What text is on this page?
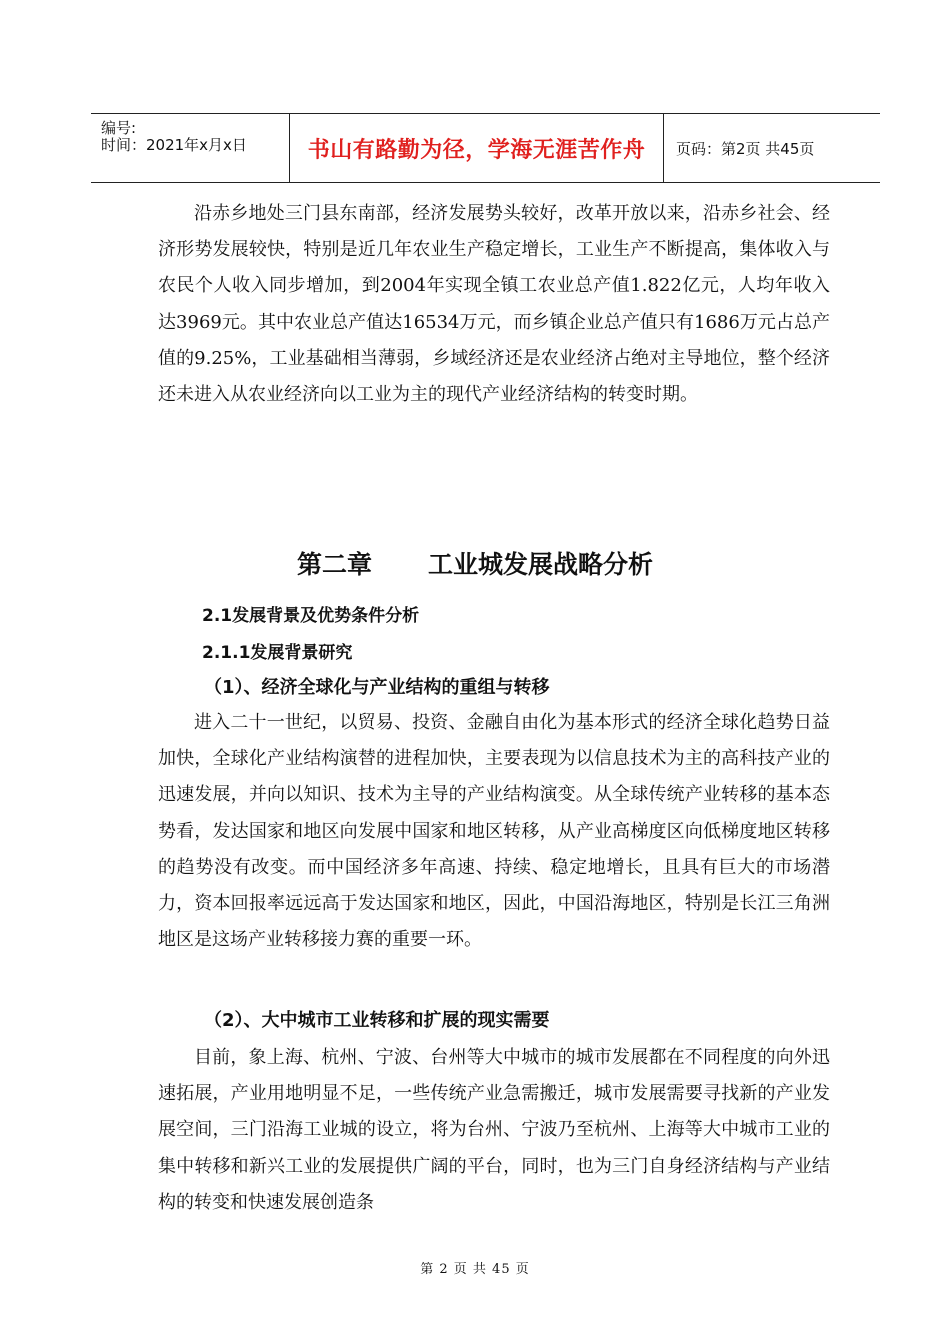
编号:
时间：2021年x月x日	书山有路勤为径，学海无涯苦作舟 页码：第2页 共45页

沿赤乡地处三门县东南部，经济发展势头较好，改革开放以来，沿赤乡社会、经济形势发展较快，特别是近几年农业生产稳定增长，工业生产不断提高，集体收入与农民个人收入同步增加，到2004年实现全镇工农业总产值1.822亿元，人均年收入达3969元。其中农业总产值达16534万元，而乡镇企业总产值只有1686万元占总产值的9.25%，工业基础相当薄弱，乡域经济还是农业经济占绝对主导地位，整个经济还未进入从农业经济向以工业为主的现代产业经济结构的转变时期。

第二章 工业城发展战略分析
2.1发展背景及优势条件分析
2.1.1发展背景研究
（1）、经济全球化与产业结构的重组与转移

进入二十一世纪，以贸易、投资、金融自由化为基本形式的经济全球化趋势日益加快，全球化产业结构演替的进程加快，主要表现为以信息技术为主的高科技产业的迅速发展，并向以知识、技术为主导的产业结构演变。从全球传统产业转移的基本态势看，发达国家和地区向发展中国家和地区转移，从产业高梯度区向低梯度地区转移的趋势没有改变。而中国经济多年高速、持续、稳定地增长，且具有巨大的市场潜力，资本回报率远远高于发达国家和地区，因此，中国沿海地区，特别是长江三角洲地区是这场产业转移接力赛的重要一环。

（2）、大中城市工业转移和扩展的现实需要

目前，象上海、杭州、宁波、台州等大中城市的城市发展都在不同程度的向外迅速拓展，产业用地明显不足，一些传统产业急需搬迁，城市发展需要寻找新的产业发展空间，三门沿海工业城的设立，将为台州、宁波乃至杭州、上海等大中城市工业的集中转移和新兴工业的发展提供广阔的平台，同时，也为三门自身经济结构与产业结构的转变和快速发展创造条

第 2 页 共 45 页
